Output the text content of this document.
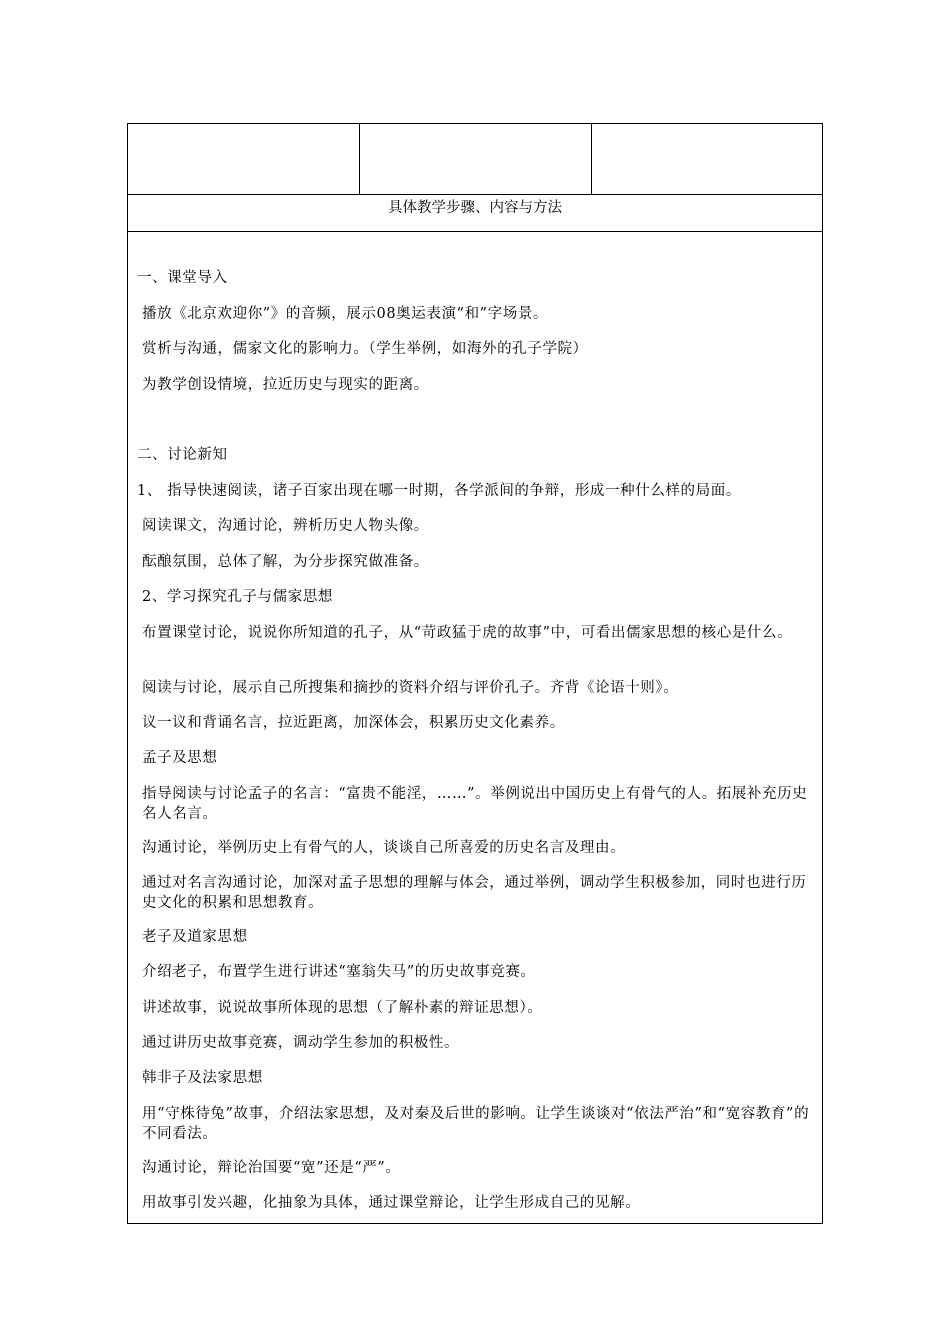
具体教学步骤、内容与方法
一、课堂导入
播放《北京欢迎你”》的音频，展示08奥运表演“和”字场景。
赏析与沟通，儒家文化的影响力。（学生举例，如海外的孔子学院）
为教学创设情境，拉近历史与现实的距离。
二、讨论新知
1、 指导快速阅读，诸子百家出现在哪一时期，各学派间的争辩，形成一种什么样的局面。
阅读课文，沟通讨论，辨析历史人物头像。
酝酿氛围，总体了解，为分步探究做准备。
2、学习探究孔子与儒家思想
布置课堂讨论，说说你所知道的孔子，从“苛政猛于虎的故事”中，可看出儒家思想的核心是什么。
阅读与讨论，展示自己所搜集和摘抄的资料介绍与评价孔子。齐背《论语十则》。
议一议和背诵名言，拉近距离，加深体会，积累历史文化素养。
孟子及思想
指导阅读与讨论孟子的名言：“富贵不能淫，……”。举例说出中国历史上有骨气的人。拓展补充历史名人名言。
沟通讨论，举例历史上有骨气的人，谈谈自己所喜爱的历史名言及理由。
通过对名言沟通讨论，加深对孟子思想的理解与体会，通过举例，调动学生积极参加，同时也进行历史文化的积累和思想教育。
老子及道家思想
介绍老子，布置学生进行讲述“塞翁失马”的历史故事竞赛。
讲述故事，说说故事所体现的思想（了解朴素的辩证思想）。
通过讲历史故事竞赛，调动学生参加的积极性。
韩非子及法家思想
用“守株待兔”故事，介绍法家思想，及对秦及后世的影响。让学生谈谈对“依法严治”和“宽容教育”的不同看法。
沟通讨论，辩论治国要“宽”还是“严”。
用故事引发兴趣，化抽象为具体，通过课堂辩论，让学生形成自己的见解。
